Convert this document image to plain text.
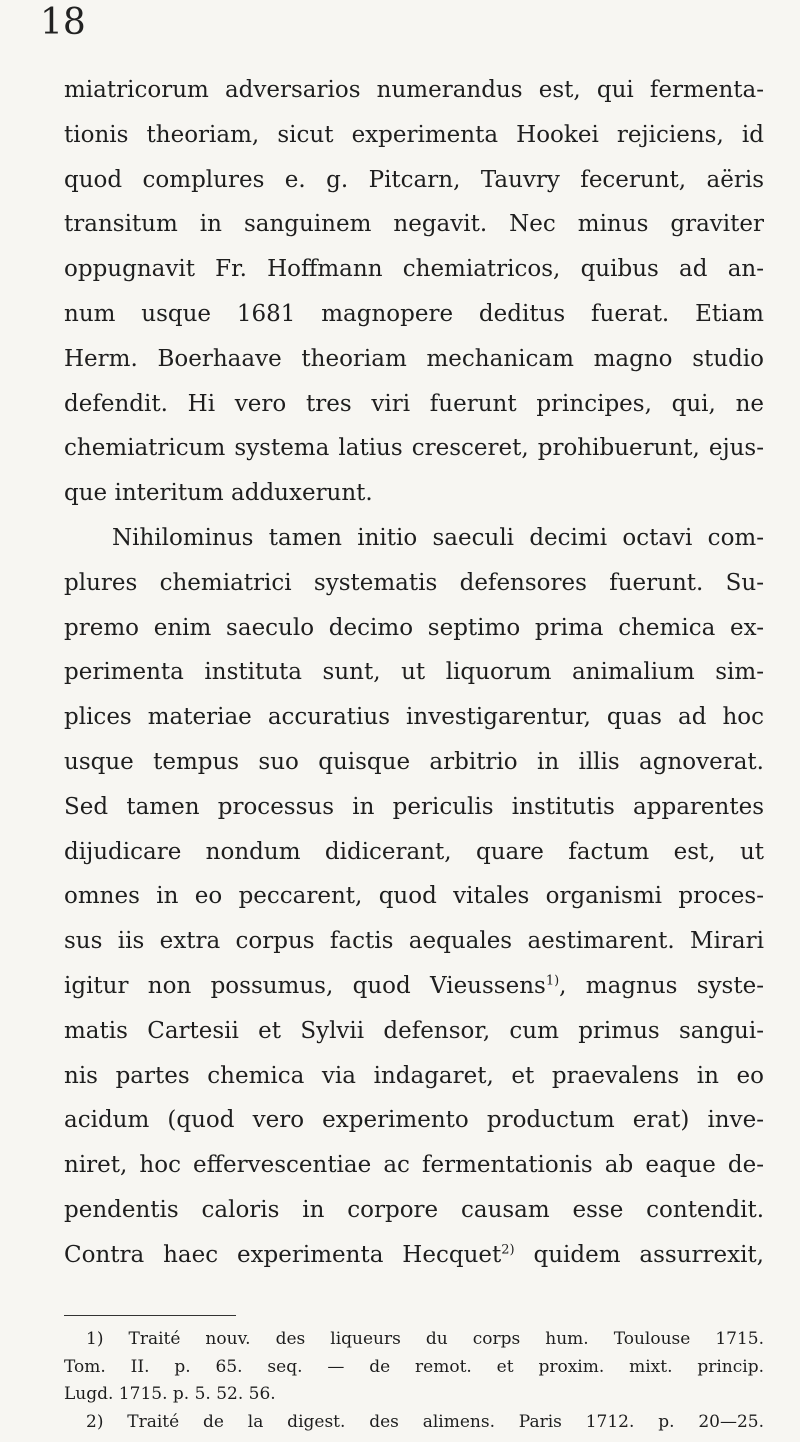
18
miatricorum adversarios numerandus est, qui fermenta-
tionis theoriam, sicut experimenta Hookei rejiciens, id
quod complures e. g. Pitcarn, Tauvry fecerunt, aëris
transitum in sanguinem negavit. Nec minus graviter
oppugnavit Fr. Hoffmann chemiatricos, quibus ad an-
num usque 1681 magnopere deditus fuerat. Etiam
Herm. Boerhaave theoriam mechanicam magno studio
defendit. Hi vero tres viri fuerunt principes, qui, ne
chemiatricum systema latius cresceret, prohibuerunt, ejus-
que interitum adduxerunt.
Nihilominus tamen initio saeculi decimi octavi com-
plures chemiatrici systematis defensores fuerunt. Su-
premo enim saeculo decimo septimo prima chemica ex-
perimenta instituta sunt, ut liquorum animalium sim-
plices materiae accuratius investigarentur, quas ad hoc
usque tempus suo quisque arbitrio in illis agnoverat.
Sed tamen processus in periculis institutis apparentes
dijudicare nondum didicerant, quare factum est, ut
omnes in eo peccarent, quod vitales organismi proces-
sus iis extra corpus factis aequales aestimarent. Mirari
igitur non possumus, quod Vieussens$^{1)}$, magnus syste-
matis Cartesii et Sylvii defensor, cum primus sangui-
nis partes chemica via indagaret, et praevalens in eo
acidum (quod vero experimento productum erat) inve-
niret, hoc effervescentiae ac fermentationis ab eaque de-
pendentis caloris in corpore causam esse contendit.
Contra haec experimenta Hecquet$^{2)}$ quidem assurrexit,
1) Traité nouv. des liqueurs du corps hum. Toulouse 1715.
Tom. II. p. 65. seq. — de remot. et proxim. mixt. princip.
Lugd. 1715. p. 5. 52. 56.
2) Traité de la digest. des alimens. Paris 1712. p. 20—25.
